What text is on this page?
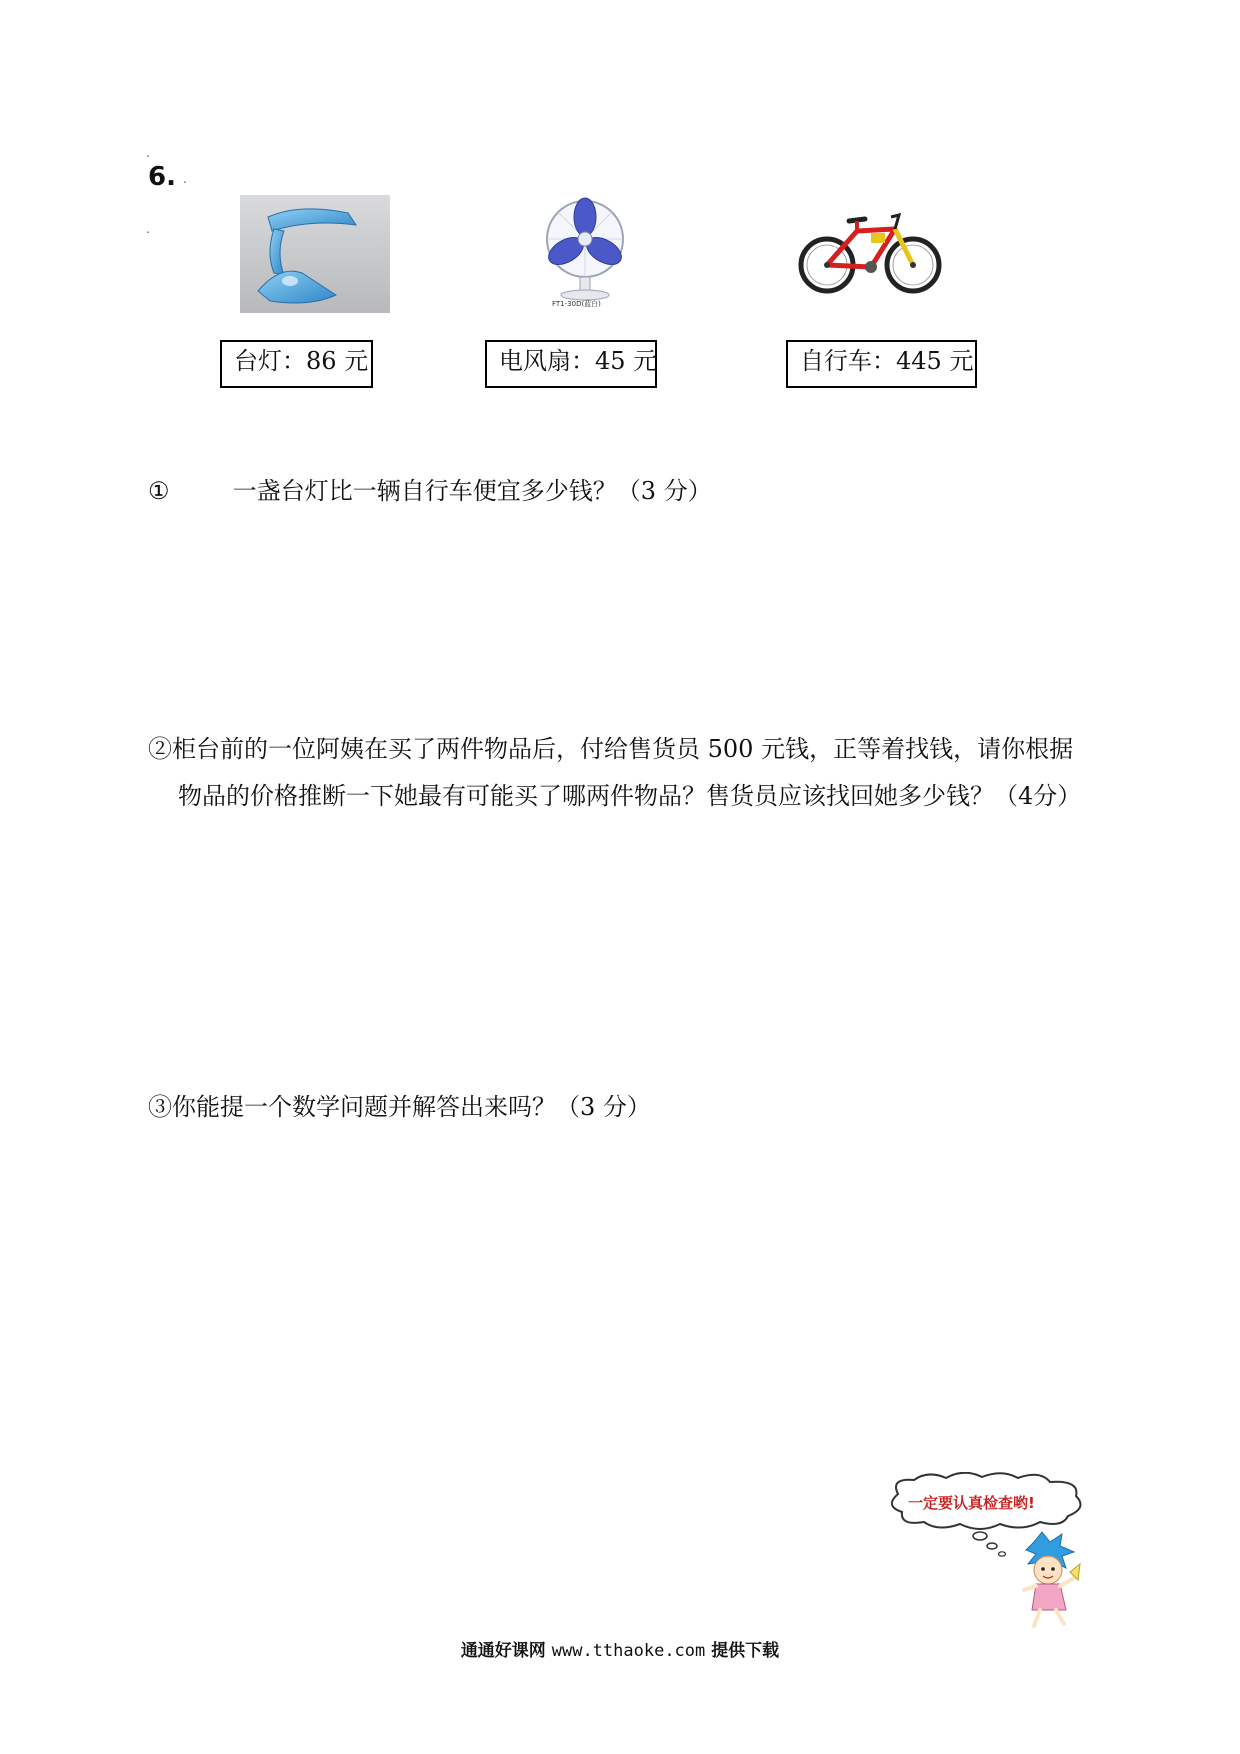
.
6. .
.
FT1-30D(蓝白)
台灯：86 元	电风扇：45 元	自行车：445 元
①	一盏台灯比一辆自行车便宜多少钱？（3 分）
②柜台前的一位阿姨在买了两件物品后，付给售货员 500 元钱，正等着找钱，请你根据
物品的价格推断一下她最有可能买了哪两件物品？售货员应该找回她多少钱？（4分）
③你能提一个数学问题并解答出来吗？（3 分）
一定要认真检查哟!
通通好课网 www.tthaoke.com 提供下载
